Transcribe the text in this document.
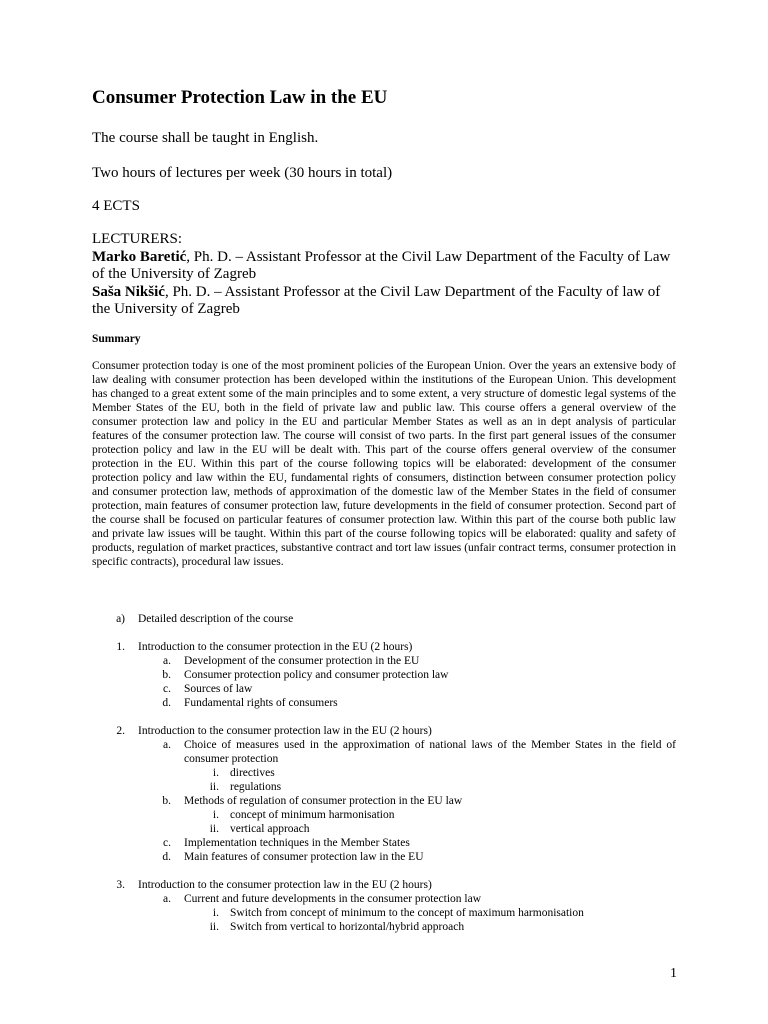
Consumer Protection Law in the EU

The course shall be taught in English.

Two hours of lectures per week (30 hours in total)

4 ECTS

LECTURERS:
Marko Baretić, Ph. D. – Assistant Professor at the Civil Law Department of the Faculty of Law of the University of Zagreb
Saša Nikšić, Ph. D. – Assistant Professor at the Civil Law Department of the Faculty of law of the University of Zagreb
Summary

Consumer protection today is one of the most prominent policies of the European Union. Over the years an extensive body of law dealing with consumer protection has been developed within the institutions of the European Union. This development has changed to a great extent some of the main principles and to some extent, a very structure of domestic legal systems of the Member States of the EU, both in the field of private law and public law. This course offers a general overview of the consumer protection law and policy in the EU and particular Member States as well as an in dept analysis of particular features of the consumer protection law. The course will consist of two parts. In the first part general issues of the consumer protection policy and law in the EU will be dealt with. This part of the course offers general overview of the consumer protection in the EU. Within this part of the course following topics will be elaborated: development of the consumer protection policy and law within the EU, fundamental rights of consumers, distinction between consumer protection policy and consumer protection law, methods of approximation of the domestic law of the Member States in the field of consumer protection, main features of consumer protection law, future developments in the field of consumer protection. Second part of the course shall be focused on particular features of consumer protection law. Within this part of the course both public law and private law issues will be taught. Within this part of the course following topics will be elaborated: quality and safety of products, regulation of market practices, substantive contract and tort law issues (unfair contract terms, consumer protection in specific contracts), procedural law issues.

a) Detailed description of the course
1. Introduction to the consumer protection in the EU (2 hours)
a. Development of the consumer protection in the EU
b. Consumer protection policy and consumer protection law
c. Sources of law
d. Fundamental rights of consumers
2. Introduction to the consumer protection law in the EU (2 hours)
a. Choice of measures used in the approximation of national laws of the Member States in the field of consumer protection
i. directives
ii. regulations
b. Methods of regulation of consumer protection in the EU law
i. concept of minimum harmonisation
ii. vertical approach
c. Implementation techniques in the Member States
d. Main features of consumer protection law in the EU
3. Introduction to the consumer protection law in the EU (2 hours)
a. Current and future developments in the consumer protection law
i. Switch from concept of minimum to the concept of maximum harmonisation
ii. Switch from vertical to horizontal/hybrid approach
1
